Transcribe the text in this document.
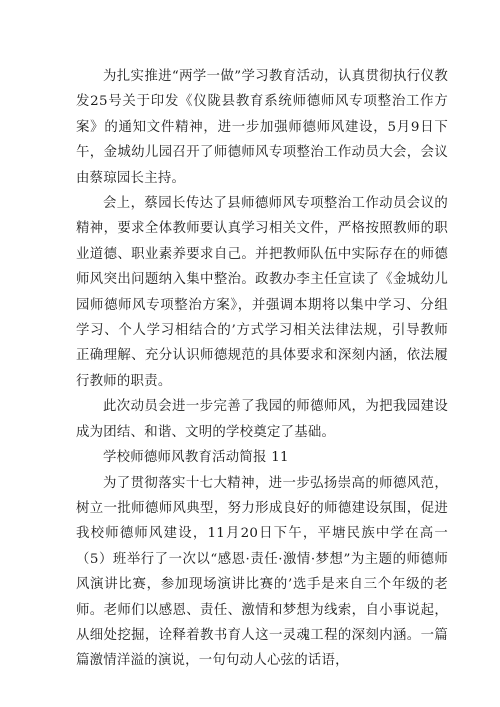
为扎实推进“两学一做”学习教育活动，认真贯彻执行仪教发25号关于印发《仪陇县教育系统师德师风专项整治工作方案》的通知文件精神，进一步加强师德师风建设，5月9日下午，金城幼儿园召开了师德师风专项整治工作动员大会，会议由蔡琼园长主持。

会上，蔡园长传达了县师德师风专项整治工作动员会议的精神，要求全体教师要认真学习相关文件，严格按照教师的职业道德、职业素养要求自己。并把教师队伍中实际存在的师德师风突出问题纳入集中整治。政教办李主任宣读了《金城幼儿园师德师风专项整治方案》，并强调本期将以集中学习、分组学习、个人学习相结合的’方式学习相关法律法规，引导教师正确理解、充分认识师德规范的具体要求和深刻内涵，依法履行教师的职责。

此次动员会进一步完善了我园的师德师风，为把我园建设成为团结、和谐、文明的学校奠定了基础。

学校师德师风教育活动简报 11

为了贯彻落实十七大精神，进一步弘扬崇高的师德风范，树立一批师德师风典型，努力形成良好的师德建设氛围，促进我校师德师风建设，11月20日下午，平塘民族中学在高一（5）班举行了一次以“感恩·责任·激情·梦想”为主题的师德师风演讲比赛，参加现场演讲比赛的’选手是来自三个年级的老师。老师们以感恩、责任、激情和梦想为线索，自小事说起，从细处挖掘，诠释着教书育人这一灵魂工程的深刻内涵。一篇篇激情洋溢的演说，一句句动人心弦的话语，
